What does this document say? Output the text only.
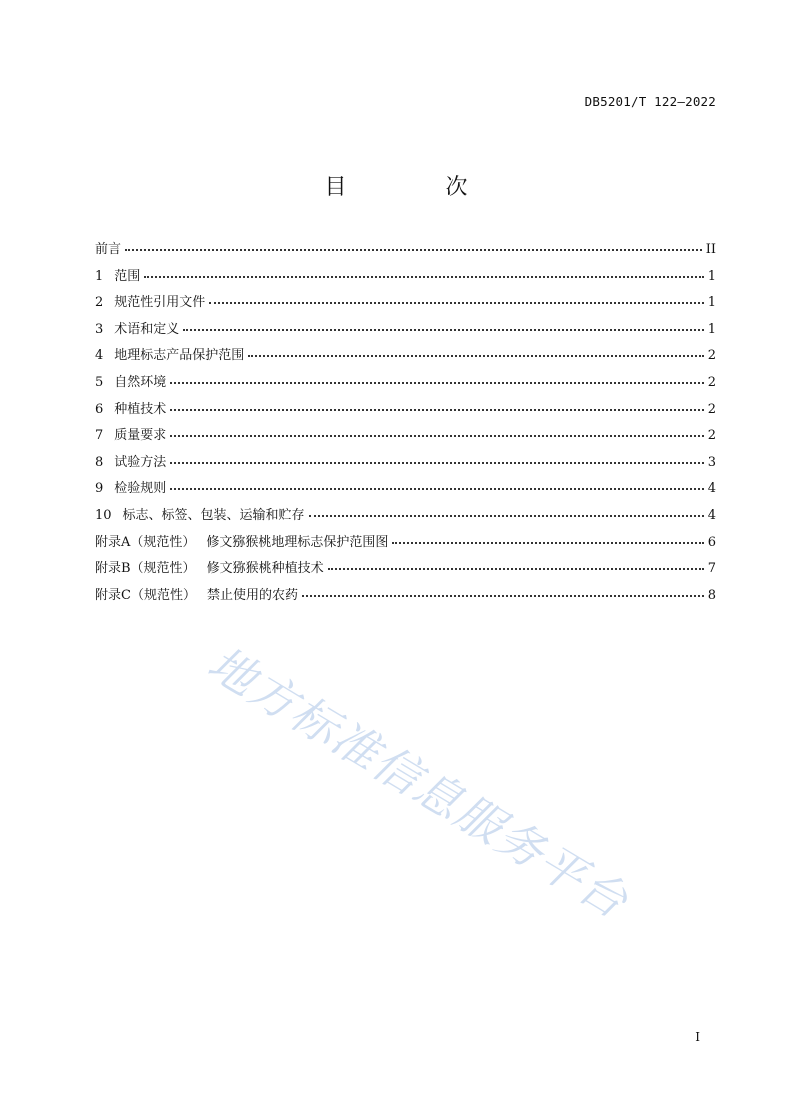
DB5201/T 122—2022
目 次
前言	II
1 范围	1
2 规范性引用文件	1
3 术语和定义	1
4 地理标志产品保护范围	2
5 自然环境	2
6 种植技术	2
7 质量要求	2
8 试验方法	3
9 检验规则	4
10 标志、标签、包装、运输和贮存	4
附录A（规范性） 修文猕猴桃地理标志保护范围图	6
附录B（规范性） 修文猕猴桃种植技术	7
附录C（规范性） 禁止使用的农药	8
地方标准信息服务平台
I
